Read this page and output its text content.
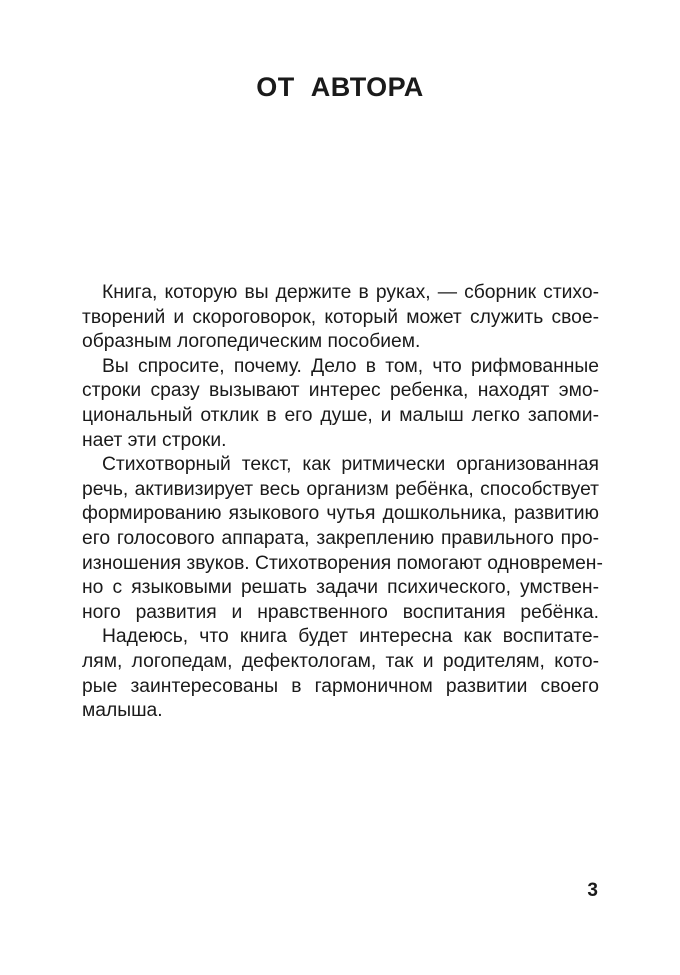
ОТ АВТОРА

Книга, которую вы держите в руках, — сборник стихо-
творений и скороговорок, который может служить свое-
образным логопедическим пособием.

Вы спросите, почему. Дело в том, что рифмованные
строки сразу вызывают интерес ребенка, находят эмо-
циональный отклик в его душе, и малыш легко запоми-
нает эти строки.

Стихотворный текст, как ритмически организованная
речь, активизирует весь организм ребёнка, способствует
формированию языкового чутья дошкольника, развитию
его голосового аппарата, закреплению правильного про-
изношения звуков. Стихотворения помогают одновремен-
но с языковыми решать задачи психического, умствен-
ного развития и нравственного воспитания ребёнка.

Надеюсь, что книга будет интересна как воспитате-
лям, логопедам, дефектологам, так и родителям, кото-
рые заинтересованы в гармоничном развитии своего
малыша.

3
